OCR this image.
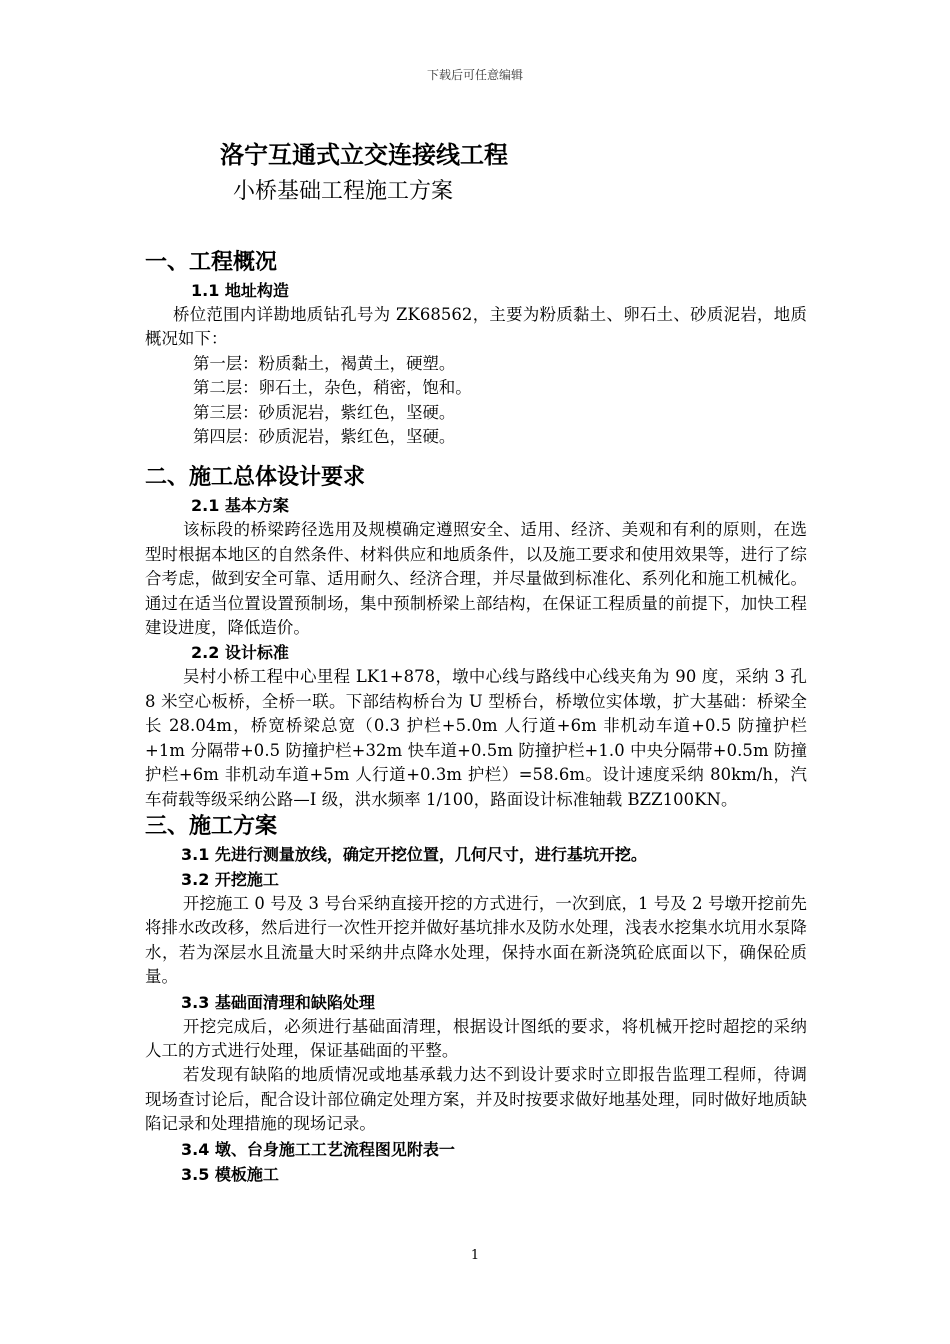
下载后可任意编辑
洛宁互通式立交连接线工程
小桥基础工程施工方案
一、工程概况
1.1 地址构造
桥位范围内详勘地质钻孔号为 ZK68562，主要为粉质黏土、卵石土、砂质泥岩，地质概况如下：
第一层：粉质黏土，褐黄土，硬塑。
第二层：卵石土，杂色，稍密，饱和。
第三层：砂质泥岩，紫红色，坚硬。
第四层：砂质泥岩，紫红色，坚硬。
二、施工总体设计要求
2.1 基本方案
该标段的桥梁跨径选用及规模确定遵照安全、适用、经济、美观和有利的原则，在选型时根据本地区的自然条件、材料供应和地质条件，以及施工要求和使用效果等，进行了综合考虑，做到安全可靠、适用耐久、经济合理，并尽量做到标准化、系列化和施工机械化。通过在适当位置设置预制场，集中预制桥梁上部结构，在保证工程质量的前提下，加快工程建设进度，降低造价。
2.2 设计标准
吴村小桥工程中心里程 LK1+878，墩中心线与路线中心线夹角为 90 度，采纳 3 孔 8 米空心板桥，全桥一联。下部结构桥台为 U 型桥台，桥墩位实体墩，扩大基础：桥梁全长 28.04m，桥宽桥梁总宽（0.3 护栏+5.0m 人行道+6m 非机动车道+0.5 防撞护栏+1m 分隔带+0.5 防撞护栏+32m 快车道+0.5m 防撞护栏+1.0 中央分隔带+0.5m 防撞护栏+6m 非机动车道+5m 人行道+0.3m 护栏）=58.6m。设计速度采纳 80km/h，汽车荷载等级采纳公路—I 级，洪水频率 1/100，路面设计标准轴载 BZZ100KN。
三、施工方案
3.1 先进行测量放线，确定开挖位置，几何尺寸，进行基坑开挖。
3.2 开挖施工
开挖施工 0 号及 3 号台采纳直接开挖的方式进行，一次到底，1 号及 2 号墩开挖前先将排水改改移，然后进行一次性开挖并做好基坑排水及防水处理，浅表水挖集水坑用水泵降水，若为深层水且流量大时采纳井点降水处理，保持水面在新浇筑砼底面以下，确保砼质量。
3.3 基础面清理和缺陷处理
开挖完成后，必须进行基础面清理，根据设计图纸的要求，将机械开挖时超挖的采纳人工的方式进行处理，保证基础面的平整。
若发现有缺陷的地质情况或地基承载力达不到设计要求时立即报告监理工程师，待调现场查讨论后，配合设计部位确定处理方案，并及时按要求做好地基处理，同时做好地质缺陷记录和处理措施的现场记录。
3.4 墩、台身施工工艺流程图见附表一
3.5 模板施工
1
